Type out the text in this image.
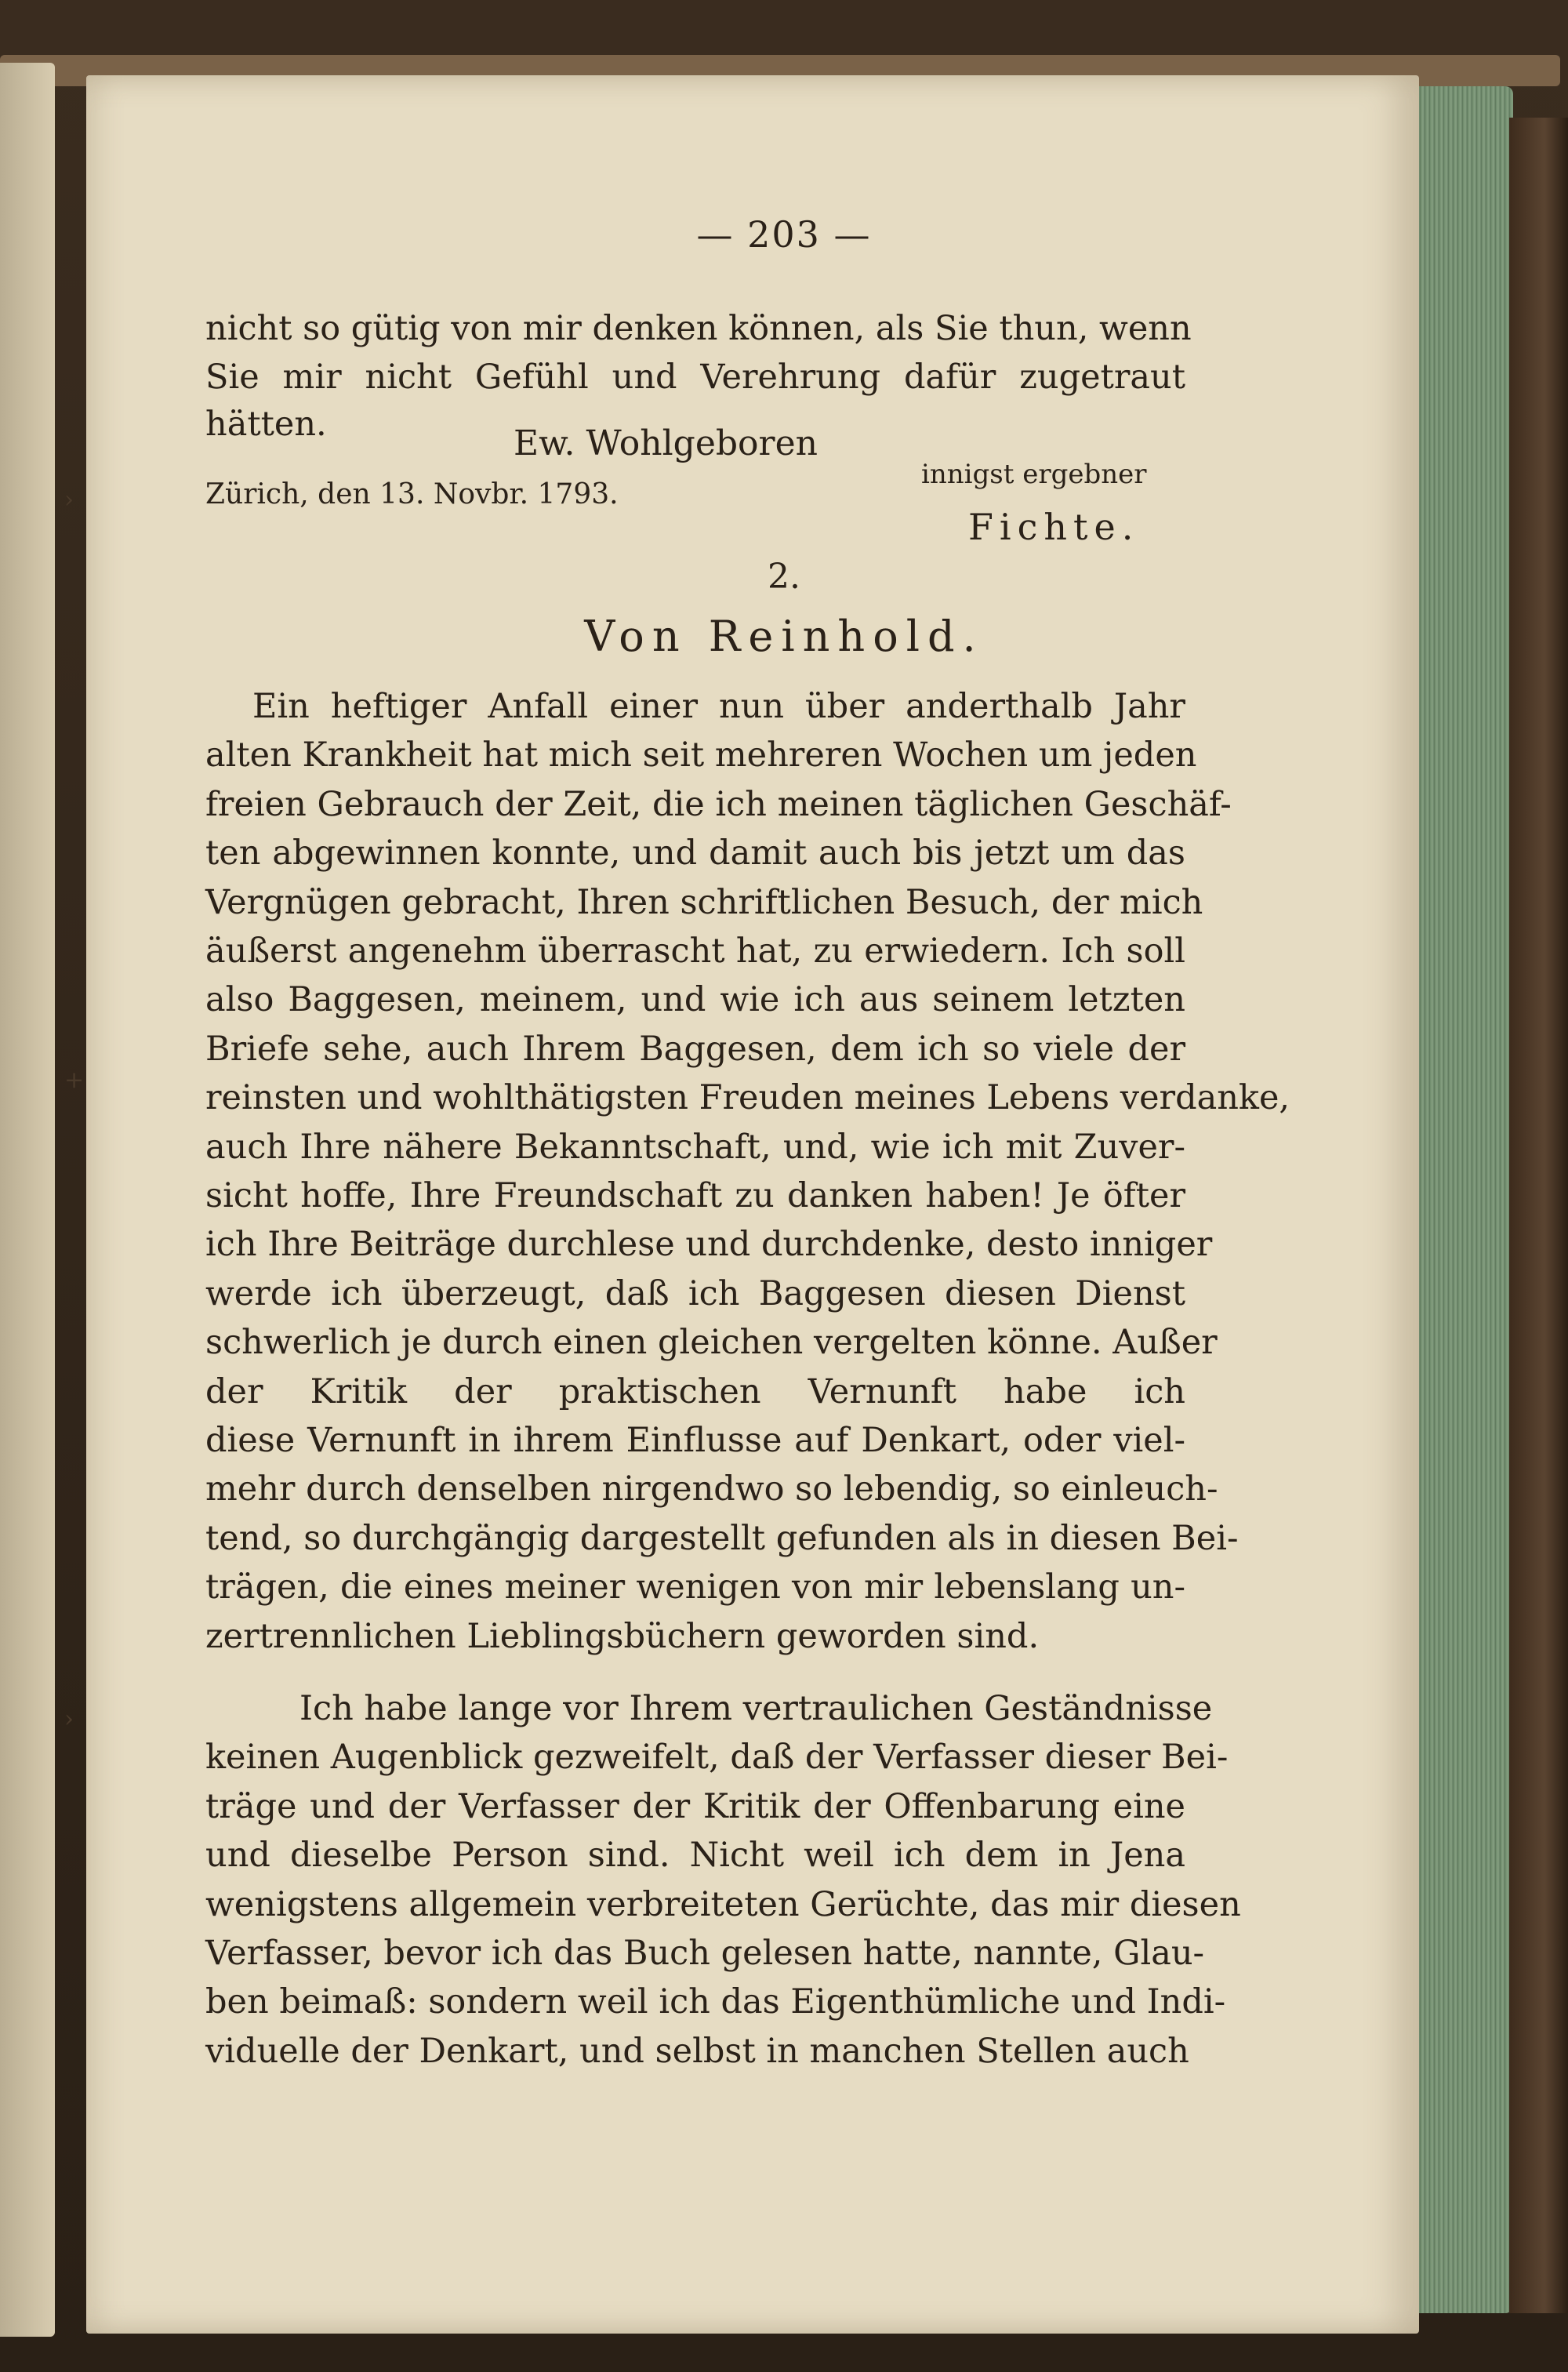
— 203 —
nicht so gütig von mir denken können, als Sie thun, wenn
Sie mir nicht Gefühl und Verehrung dafür zugetraut
hätten.	Ew. Wohlgeboren
innigst ergebner
Zürich, den 13. Novbr. 1793.
Fichte.
2.
Von Reinhold.
Ein heftiger Anfall einer nun über anderthalb Jahr
alten Krankheit hat mich seit mehreren Wochen um jeden
freien Gebrauch der Zeit, die ich meinen täglichen Geschäf-
ten abgewinnen konnte, und damit auch bis jetzt um das
Vergnügen gebracht, Ihren schriftlichen Besuch, der mich
äußerst angenehm überrascht hat, zu erwiedern. Ich soll
also Baggesen, meinem, und wie ich aus seinem letzten
Briefe sehe, auch Ihrem Baggesen, dem ich so viele der
reinsten und wohlthätigsten Freuden meines Lebens verdanke,
auch Ihre nähere Bekanntschaft, und, wie ich mit Zuver-
sicht hoffe, Ihre Freundschaft zu danken haben! Je öfter
ich Ihre Beiträge durchlese und durchdenke, desto inniger
werde ich überzeugt, daß ich Baggesen diesen Dienst
schwerlich je durch einen gleichen vergelten könne. Außer
der Kritik der praktischen Vernunft habe ich
diese Vernunft in ihrem Einflusse auf Denkart, oder viel-
mehr durch denselben nirgendwo so lebendig, so einleuch-
tend, so durchgängig dargestellt gefunden als in diesen Bei-
trägen, die eines meiner wenigen von mir lebenslang un-
zertrennlichen Lieblingsbüchern geworden sind.
Ich habe lange vor Ihrem vertraulichen Geständnisse
keinen Augenblick gezweifelt, daß der Verfasser dieser Bei-
träge und der Verfasser der Kritik der Offenbarung eine
und dieselbe Person sind. Nicht weil ich dem in Jena
wenigstens allgemein verbreiteten Gerüchte, das mir diesen
Verfasser, bevor ich das Buch gelesen hatte, nannte, Glau-
ben beimaß: sondern weil ich das Eigenthümliche und Indi-
viduelle der Denkart, und selbst in manchen Stellen auch
›
+
›
